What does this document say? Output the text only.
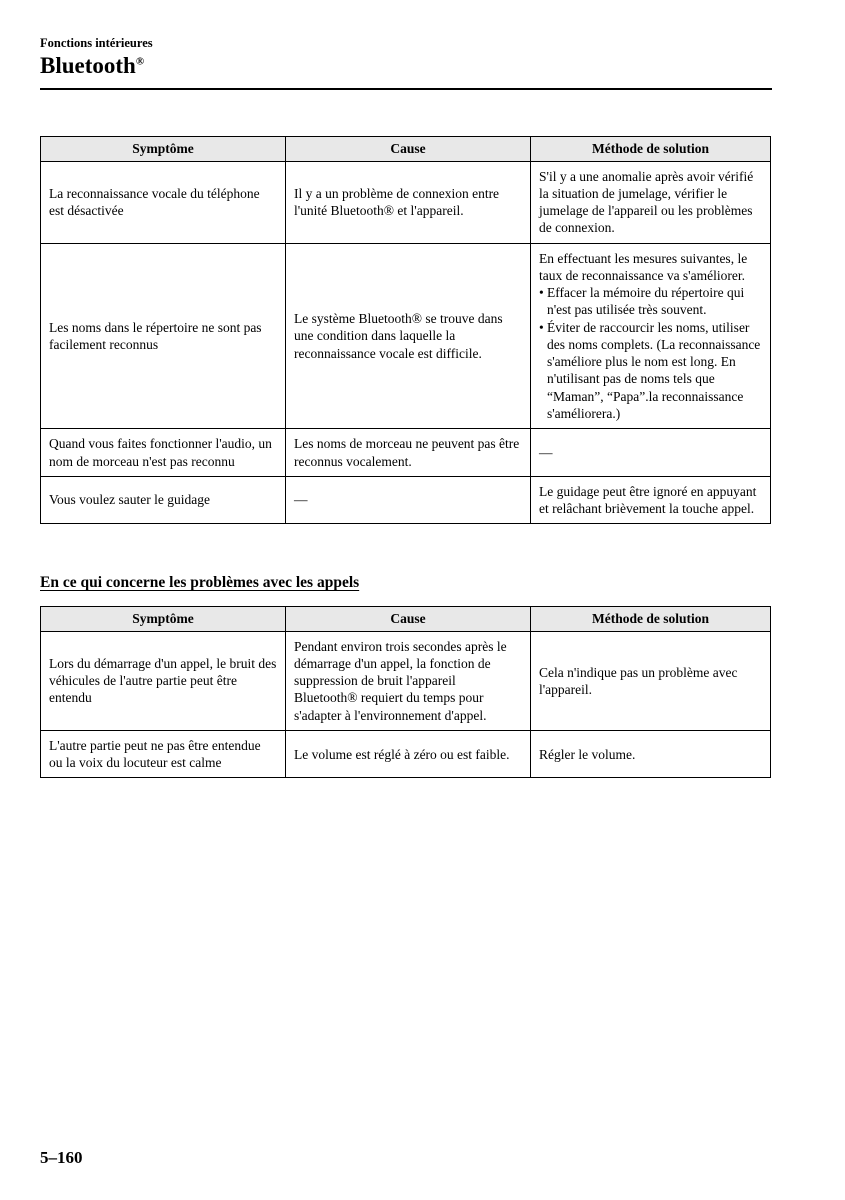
Fonctions intérieures
Bluetooth®
Symptôme	Cause	Méthode de solution
La reconnaissance vocale du téléphone est désactivée	Il y a un problème de connexion entre l'unité Bluetooth® et l'appareil.	S'il y a une anomalie après avoir vérifié la situation de jumelage, vérifier le jumelage de l'appareil ou les problèmes de connexion.
Les noms dans le répertoire ne sont pas facilement reconnus	Le système Bluetooth® se trouve dans une condition dans laquelle la reconnaissance vocale est difficile.	En effectuant les mesures suivantes, le taux de reconnaissance va s'améliorer.
• Effacer la mémoire du répertoire qui n'est pas utilisée très souvent.
• Éviter de raccourcir les noms, utiliser des noms complets. (La reconnaissance s'améliore plus le nom est long. En n'utilisant pas de noms tels que “Maman”, “Papa”.la reconnaissance s'améliorera.)

Quand vous faites fonctionner l'audio, un nom de morceau n'est pas reconnu	Les noms de morceau ne peuvent pas être reconnus vocalement.	—
Vous voulez sauter le guidage	—	Le guidage peut être ignoré en appuyant et relâchant brièvement la touche appel.
En ce qui concerne les problèmes avec les appels
Symptôme	Cause	Méthode de solution
Lors du démarrage d'un appel, le bruit des véhicules de l'autre partie peut être entendu	Pendant environ trois secondes après le démarrage d'un appel, la fonction de suppression de bruit l'appareil Bluetooth® requiert du temps pour s'adapter à l'environnement d'appel.	Cela n'indique pas un problème avec l'appareil.
L'autre partie peut ne pas être entendue ou la voix du locuteur est calme	Le volume est réglé à zéro ou est faible.	Régler le volume.
5–160
